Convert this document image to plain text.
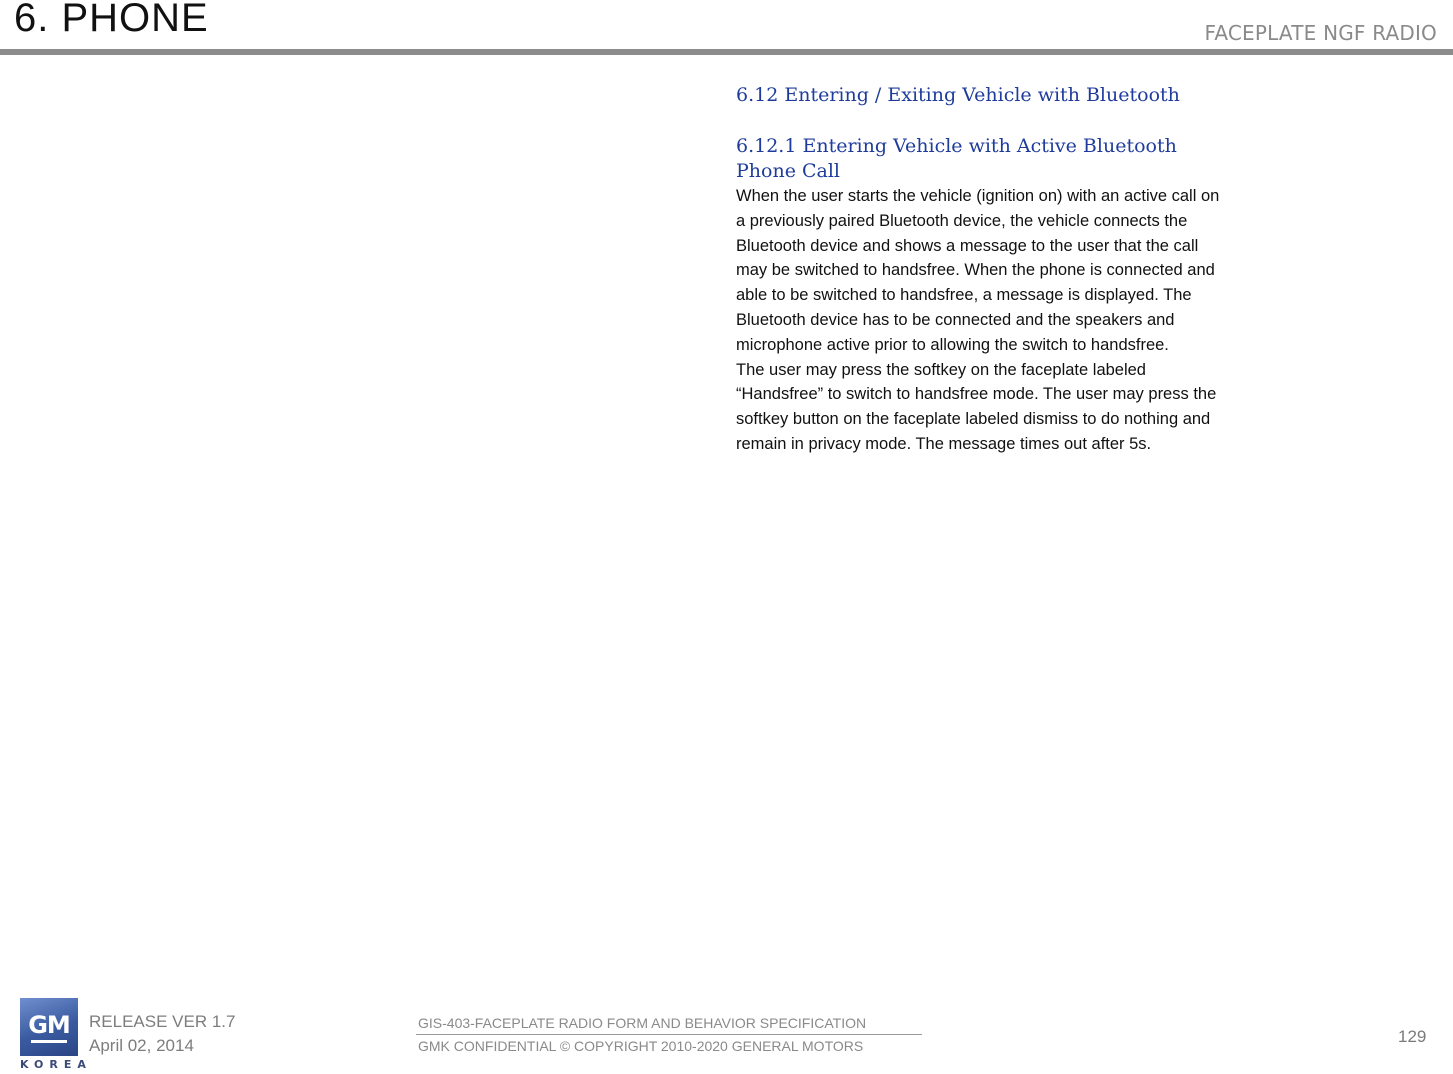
6. PHONE	FACEPLATE NGF RADIO
6.12 Entering / Exiting Vehicle with Bluetooth
6.12.1 Entering Vehicle with Active Bluetooth Phone Call

When the user starts the vehicle (ignition on) with an active call on a previously paired Bluetooth device, the vehicle connects the Bluetooth device and shows a message to the user that the call may be switched to handsfree. When the phone is connected and able to be switched to handsfree, a message is displayed. The Bluetooth device has to be connected and the speakers and microphone active prior to allowing the switch to handsfree.

The user may press the softkey on the faceplate labeled “Handsfree” to switch to handsfree mode. The user may press the softkey button on the faceplate labeled dismiss to do nothing and remain in privacy mode. The message times out after 5s.

GM
KOREA
RELEASE VER 1.7
April 02, 2014
GIS-403-FACEPLATE RADIO FORM AND BEHAVIOR SPECIFICATION
GMK CONFIDENTIAL © COPYRIGHT 2010-2020 GENERAL MOTORS	129
